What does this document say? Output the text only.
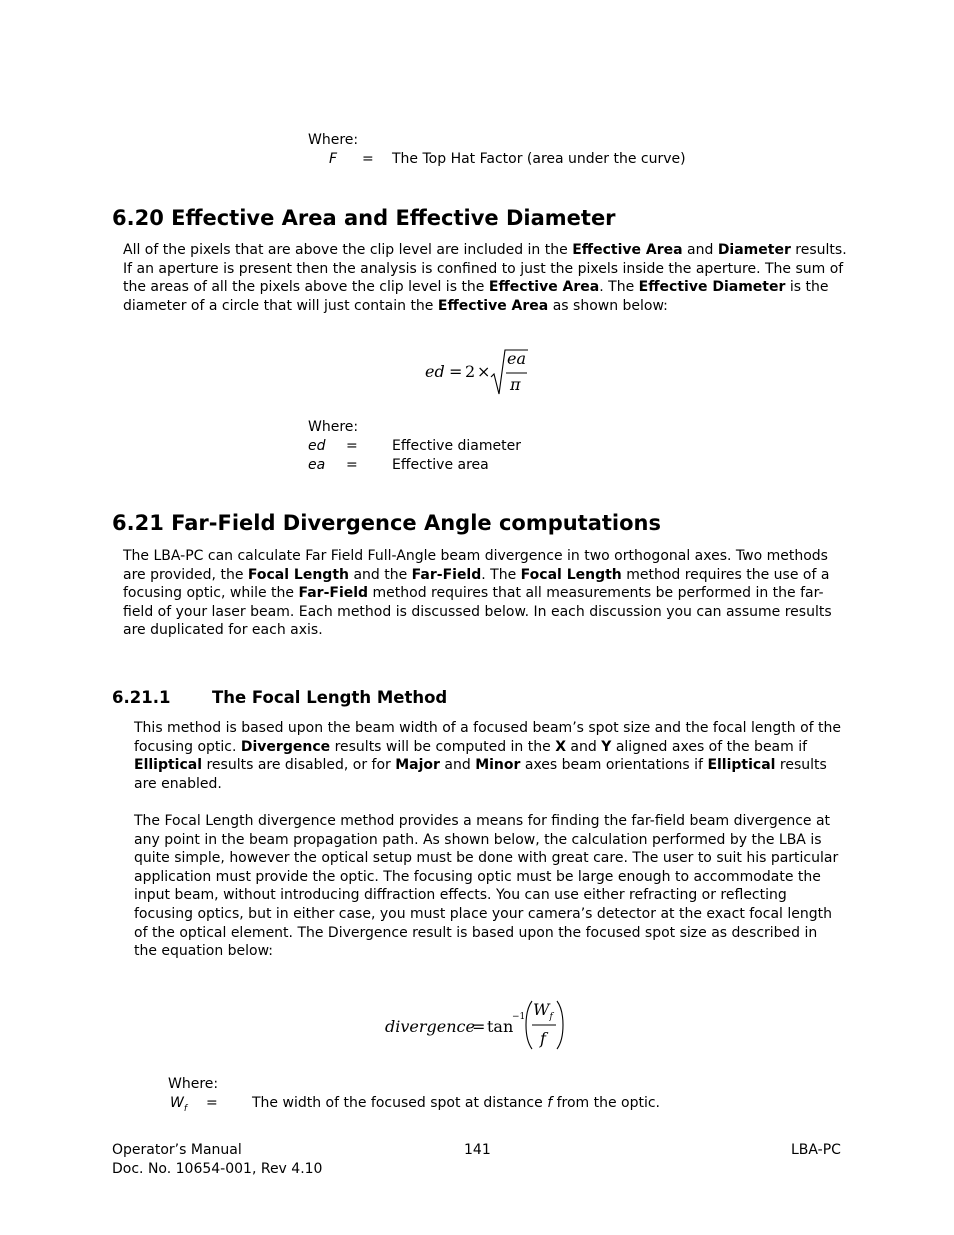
Where:
F = The Top Hat Factor (area under the curve)
6.20 Effective Area and Effective Diameter

All of the pixels that are above the clip level are included in the Effective Area and Diameter results. If an aperture is present then the analysis is confined to just the pixels inside the aperture. The sum of the areas of all the pixels above the clip level is the Effective Area. The Effective Diameter is the diameter of a circle that will just contain the Effective Area as shown below:

ed = 2 ×
ea
π
Where:
ed = Effective diameter
ea = Effective area
6.21 Far-Field Divergence Angle computations

The LBA-PC can calculate Far Field Full-Angle beam divergence in two orthogonal axes. Two methods are provided, the Focal Length and the Far-Field. The Focal Length method requires the use of a focusing optic, while the Far-Field method requires that all measurements be performed in the far-field of your laser beam. Each method is discussed below. In each discussion you can assume results are duplicated for each axis.

6.21.1	The Focal Length Method

This method is based upon the beam width of a focused beam’s spot size and the focal length of the focusing optic. Divergence results will be computed in the X and Y aligned axes of the beam if Elliptical results are disabled, or for Major and Minor axes beam orientations if Elliptical results are enabled.

The Focal Length divergence method provides a means for finding the far-field beam divergence at any point in the beam propagation path. As shown below, the calculation performed by the LBA is quite simple, however the optical setup must be done with great care. The user to suit his particular application must provide the optic. The focusing optic must be large enough to accommodate the input beam, without introducing diffraction effects. You can use either refracting or reflecting focusing optics, but in either case, you must place your camera’s detector at the exact focal length of the optical element. The Divergence result is based upon the focused spot size as described in the equation below:

divergence
= tan
−1 $W_f$
f
Where:
$W_f$ = The width of the focused spot at distance f from the optic.
Operator’s Manual
Doc. No. 10654-001, Rev 4.10
141	LBA-PC
